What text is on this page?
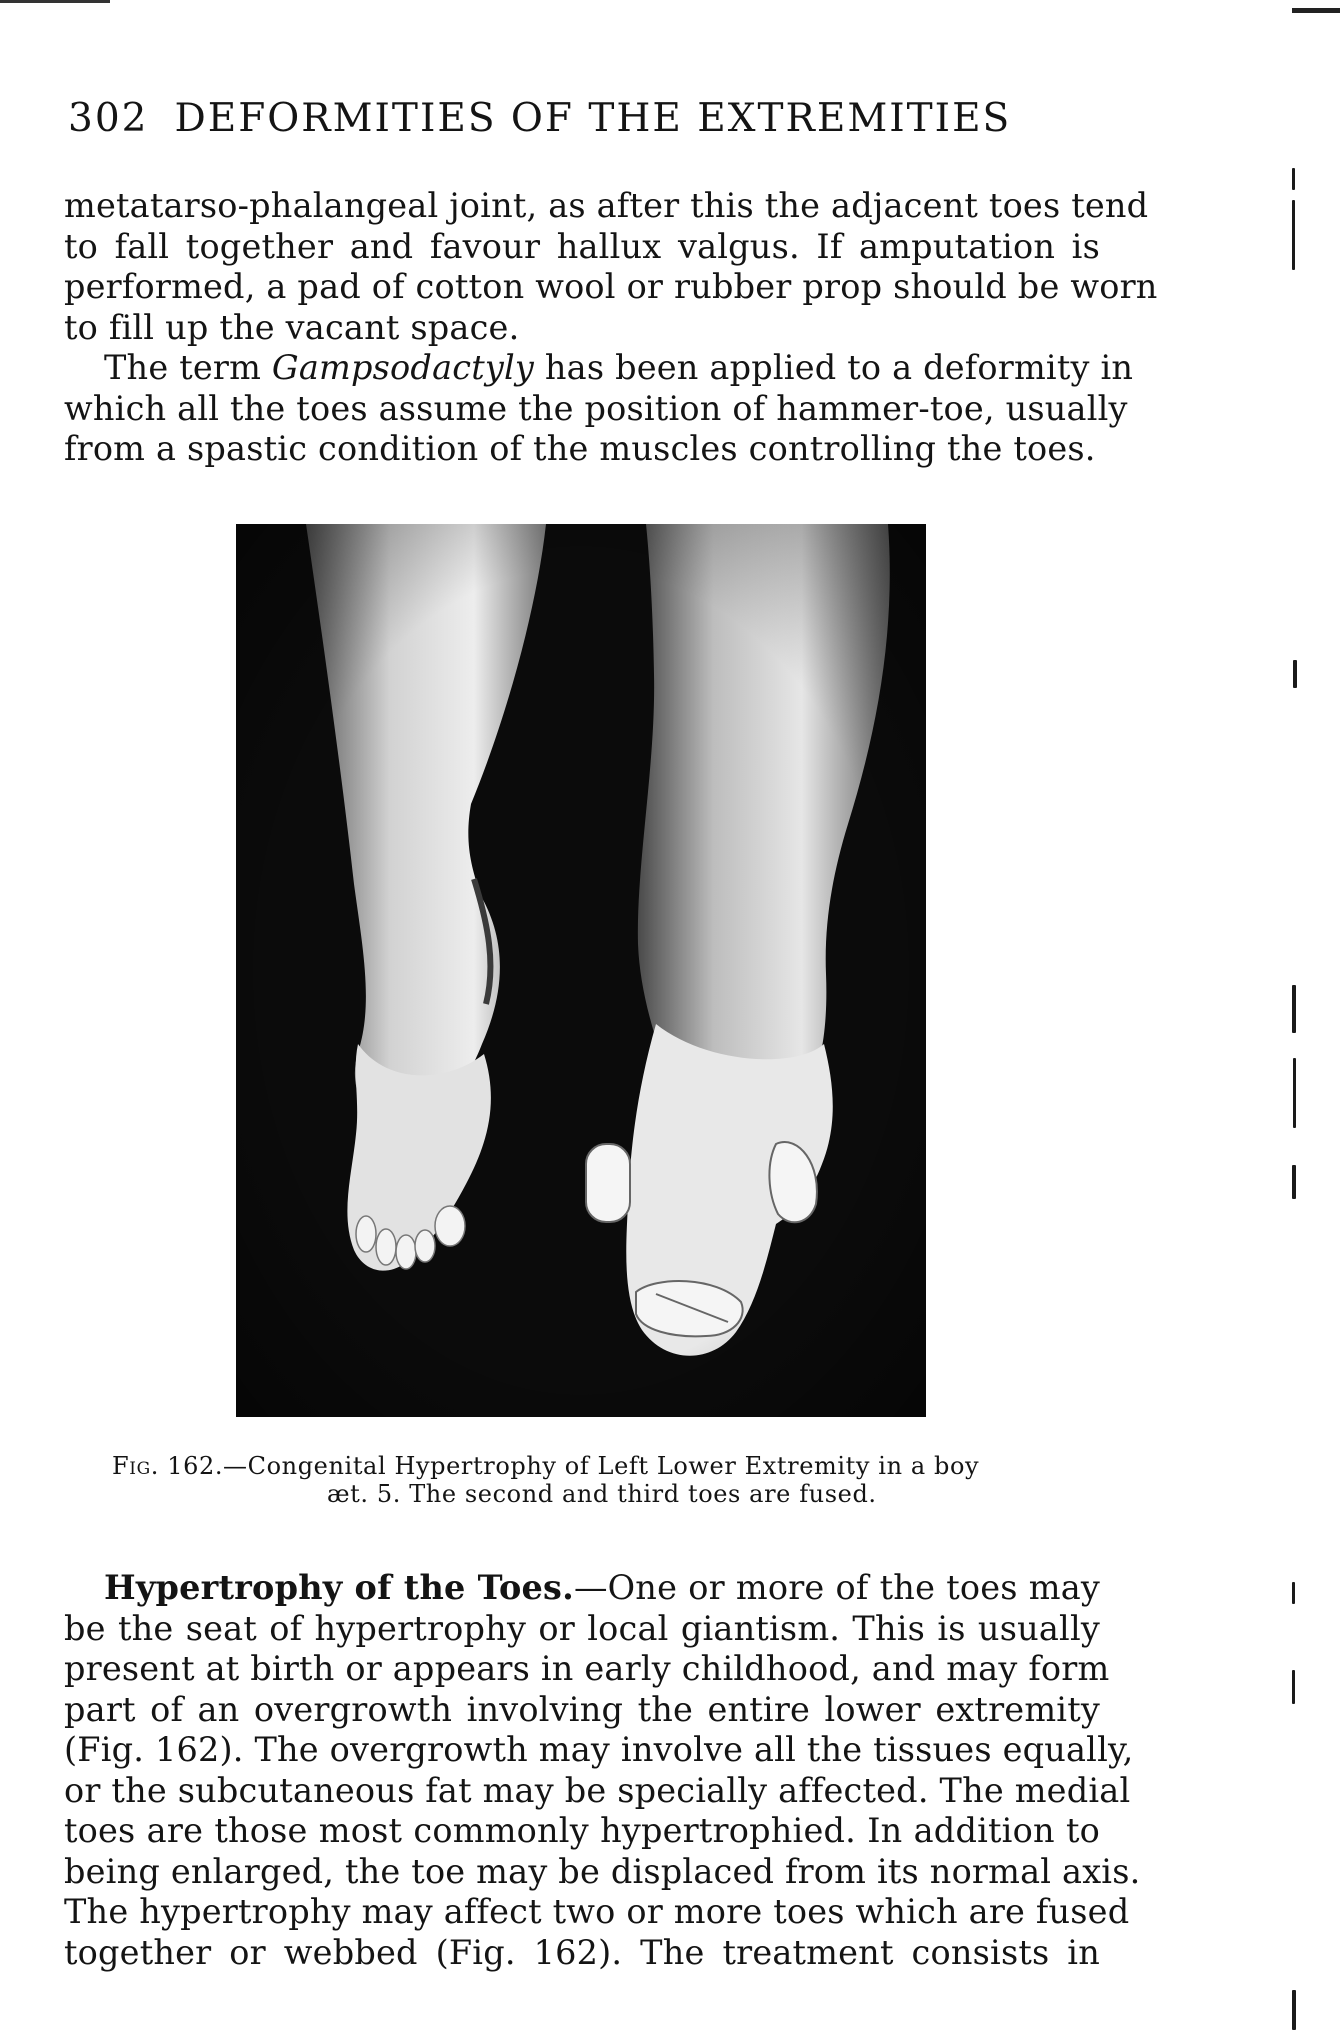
302 DEFORMITIES OF THE EXTREMITIES
metatarso-phalangeal joint, as after this the adjacent toes tend
to fall together and favour hallux valgus. If amputation is
performed, a pad of cotton wool or rubber prop should be worn
to fill up the vacant space.
The term Gampsodactyly has been applied to a deformity in
which all the toes assume the position of hammer-toe, usually
from a spastic condition of the muscles controlling the toes.
Fig. 162.—Congenital Hypertrophy of Left Lower Extremity in a boy
æt. 5. The second and third toes are fused.
Hypertrophy of the Toes.—One or more of the toes may
be the seat of hypertrophy or local giantism. This is usually
present at birth or appears in early childhood, and may form
part of an overgrowth involving the entire lower extremity
(Fig. 162). The overgrowth may involve all the tissues equally,
or the subcutaneous fat may be specially affected. The medial
toes are those most commonly hypertrophied. In addition to
being enlarged, the toe may be displaced from its normal axis.
The hypertrophy may affect two or more toes which are fused
together or webbed (Fig. 162). The treatment consists in
